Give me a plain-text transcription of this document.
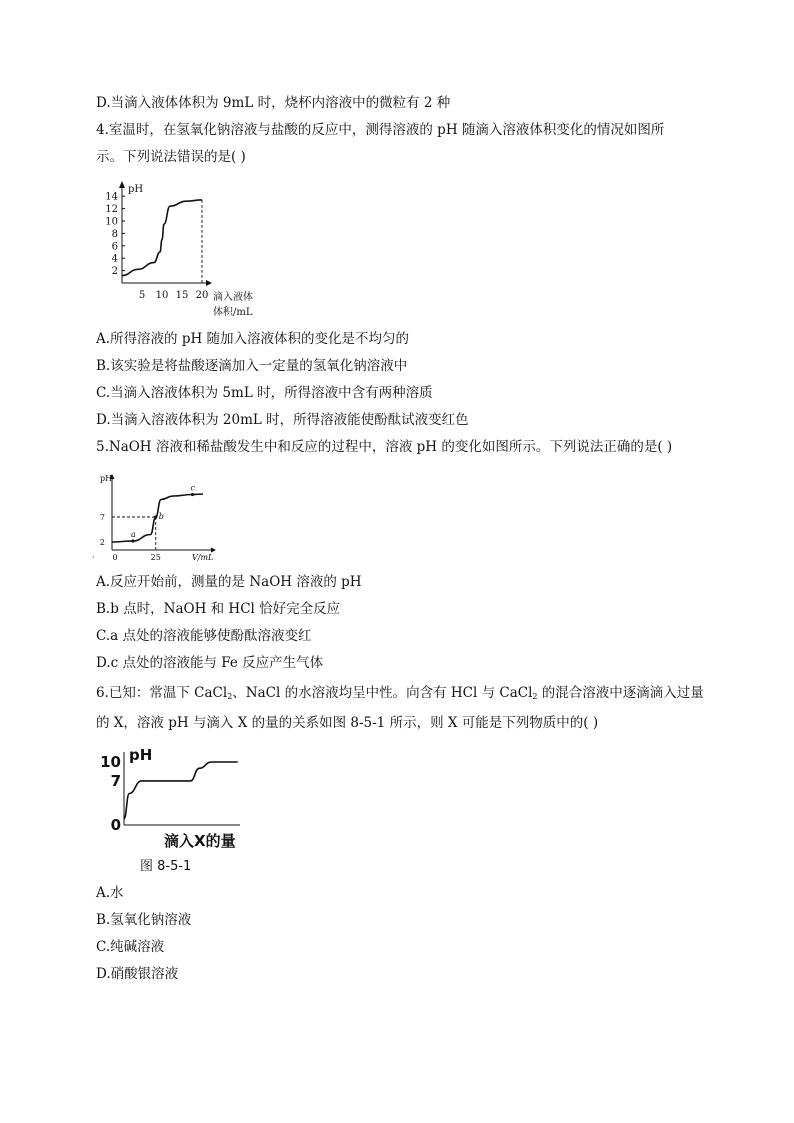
D.当滴入液体体积为 9mL 时，烧杯内溶液中的微粒有 2 种
4.室温时，在氢氧化钠溶液与盐酸的反应中，测得溶液的 pH 随滴入溶液体积变化的情况如图所
示。下列说法错误的是( )
pH
2
4
6
8
10
12
14
5 10 15 20 滴入液体
体积/mL
A.所得溶液的 pH 随加入溶液体积的变化是不均匀的
B.该实验是将盐酸逐滴加入一定量的氢氧化钠溶液中
C.当滴入溶液体积为 5mL 时，所得溶液中含有两种溶质
D.当滴入溶液体积为 20mL 时，所得溶液能使酚酞试液变红色
5.NaOH 溶液和稀盐酸发生中和反应的过程中，溶液 pH 的变化如图所示。下列说法正确的是( )
pH
V/mL
·
2
7
0	25
a
b
c
A.反应开始前，测量的是 NaOH 溶液的 pH
B.b 点时，NaOH 和 HCl 恰好完全反应
C.a 点处的溶液能够使酚酞溶液变红
D.c 点处的溶液能与 Fe 反应产生气体
6.已知：常温下 CaCl$_2$、NaCl 的水溶液均呈中性。向含有 HCl 与 CaCl$_2$ 的混合溶液中逐滴滴入过量
的 X，溶液 pH 与滴入 X 的量的关系如图 8-5-1 所示，则 X 可能是下列物质中的( )
pH
0
7
10
滴入X的量
图 8-5-1
A.水
B.氢氧化钠溶液
C.纯碱溶液
D.硝酸银溶液
